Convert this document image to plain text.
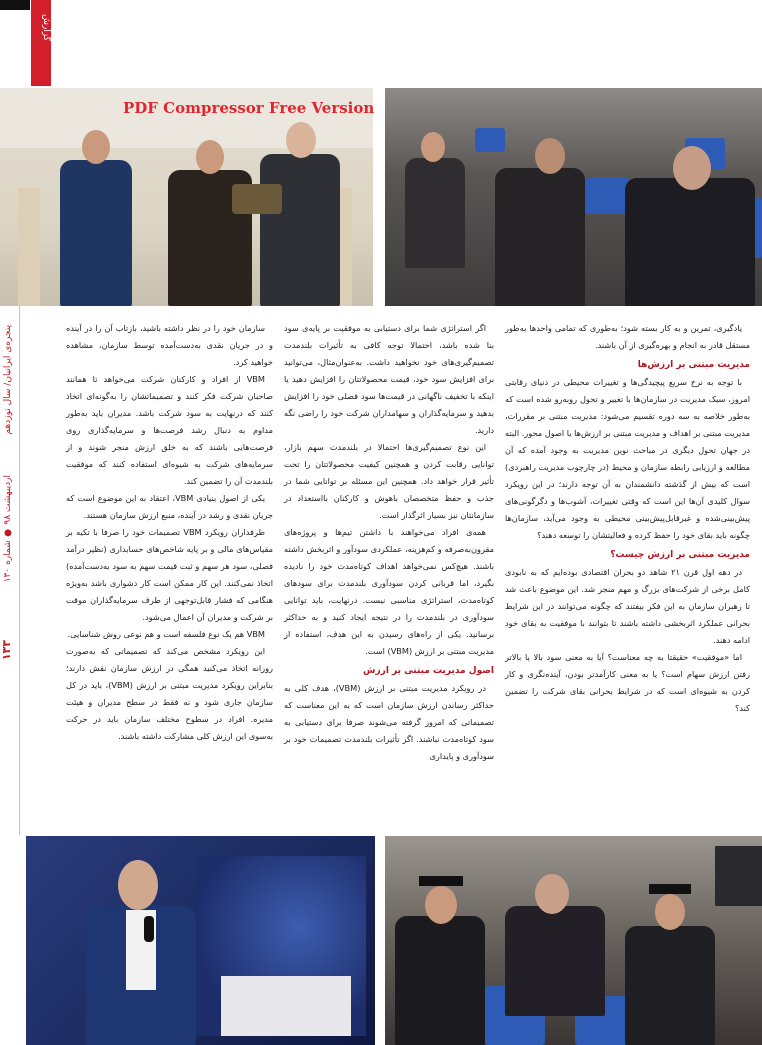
گزارش
PDF Compressor Free Version
پنجره‌ی ایرانیان/ سال نوزدهم
اردیبهشت ۹۸ ● شماره ۱۳۰
۱۳۳

یادگیری، تمرین و به کار بسته شود؛ به‌طوری که تمامی واحدها به‌طور مستقل قادر به انجام و بهره‌گیری از آن باشند.

مدیریت مبتنی بر ارزش‌ها

با توجه به نرخ سریع پیچیدگی‌ها و تغییرات محیطی در دنیای رقابتی امروز، سبک مدیریت در سازمان‌ها با تغییر و تحول روبه‌رو شده است که به‌طور خلاصه به سه دوره تقسیم می‌شود: مدیریت مبتنی بر مقررات، مدیریت مبتنی بر اهداف و مدیریت مبتنی بر ارزش‌ها یا اصول محور. البته در جهان تحول دیگری در مباحث نوین مدیریت به وجود آمده که آن مطالعه و ارزیابی رابطه سازمان و محیط (در چارچوب مدیریت راهبردی) است که بیش از گذشته دانشمندان به آن توجه دارند؛ در این رویکرد سوال کلیدی آن‌ها این است که وقتی تغییرات، آشوب‌ها و دگرگونی‌های پیش‌بینی‌شده و غیرقابل‌پیش‌بینی محیطی به وجود می‌آید، سازمان‌ها چگونه باید بقای خود را حفظ کرده و فعالیتشان را توسعه دهند؟

مدیریت مبتنی بر ارزش چیست؟

در دهه اول قرن ۲۱ شاهد دو بحران اقتصادی بوده‌ایم که به نابودی کامل برخی از شرکت‌های بزرگ و مهم منجر شد. این موضوع باعث شد تا رهبران سازمان به این فکر بیفتند که چگونه می‌توانند در این شرایط بحرانی عملکرد اثربخشی داشته باشند تا بتوانند با موفقیت به بقای خود ادامه دهند.

اما «موفقیت» حقیقتا به چه معناست؟ آیا به معنی سود بالا یا بالاتر رفتن ارزش سهام است؟ یا به معنی کارآمدتر بودن، آینده‌نگری و کار کردن به شیوه‌ای است که در شرایط بحرانی بقای شرکت را تضمین کند؟

اگر استراتژی شما برای دستیابی به موفقیت بر پایه‌ی سود بنا شده باشد، احتمالا توجه کافی به تأثیرات بلندمدت تصمیم‌گیری‌های خود نخواهید داشت. به‌عنوان‌مثال، می‌توانید برای افزایش سود خود، قیمت محصولاتتان را افزایش دهید یا اینکه با تخفیف ناگهانی در قیمت‌ها سود فصلی خود را افزایش بدهید و سرمایه‌گذاران و سهامداران شرکت خود را راضی نگه دارید.

این نوع تصمیم‌گیری‌ها احتمالا در بلندمدت سهم بازار، توانایی رقابت کردن و همچنین کیفیت محصولاتتان را تحت تأثیر قرار خواهد داد. همچنین این مسئله بر توانایی شما در جذب و حفظ متخصصان باهوش و کارکنان بااستعداد در سازمانتان نیز بسیار اثرگذار است.

همه‌ی افراد می‌خواهند با داشتن تیم‌ها و پروژه‌های مقرون‌به‌صرفه و کم‌هزینه، عملکردی سودآور و اثربخش داشته باشند. هیچ‌کس نمی‌خواهد اهداف کوتاه‌مدت خود را نادیده بگیرد، اما قربانی کردن سودآوری بلندمدت برای سودهای کوتاه‌مدت، استراتژی مناسبی نیست. درنهایت، باید توانایی سودآوری در بلندمدت را در نتیجه ایجاد کنید و به حداکثر برسانید. یکی از راه‌های رسیدن به این هدف، استفاده از مدیریت مبتنی بر ارزش (VBM) است.

اصول مدیریت مبتنی بر ارزش

در رویکرد مدیریت مبتنی بر ارزش (VBM)، هدف کلی به حداکثر رساندن ارزش سازمان است که به این معناست که تصمیماتی که امروز گرفته می‌شوند صرفا برای دستیابی به سود کوتاه‌مدت نباشند. اگر تأثیرات بلندمدت تصمیمات خود بر سودآوری و پایداری

سازمان خود را در نظر داشته باشید، بازتاب آن را در آینده و در جریان نقدی به‌دست‌آمده توسط سازمان، مشاهده خواهید کرد.

VBM از افراد و کارکنان شرکت می‌خواهد تا همانند صاحبان شرکت فکر کنند و تصمیماتشان را به‌گونه‌ای اتخاذ کنند که درنهایت به سود شرکت باشد. مدیران باید به‌طور مداوم به دنبال رشد فرصت‌ها و سرمایه‌گذاری روی فرصت‌هایی باشند که به خلق ارزش منجر شوند و از سرمایه‌های شرکت به شیوه‌ای استفاده کنند که موفقیت بلندمدت آن را تضمین کند.

یکی از اصول بنیادی VBM، اعتقاد به این موضوع است که جریان نقدی و رشد در آینده، منبع ارزش سازمان هستند.

طرفداران رویکرد VBM تصمیمات خود را صرفا با تکیه بر مقیاس‌های مالی و بر پایه شاخص‌های حسابداری (نظیر درآمد فصلی، سود هر سهم و ثبت قیمت سهم به سود به‌دست‌آمده) اتخاذ نمی‌کنند. این کار ممکن است کار دشواری باشد به‌ویژه هنگامی که فشار قابل‌توجهی از طرف سرمایه‌گذاران موقت بر شرکت و مدیران آن اعمال می‌شود.

VBM هم یک نوع فلسفه است و هم نوعی روش شناسایی.

این رویکرد مشخص می‌کند که تصمیماتی که به‌صورت روزانه اتخاذ می‌کنید همگی در ارزش سازمان نقش دارند؛ بنابراین رویکرد مدیریت مبتنی بر ارزش (VBM)، باید در کل سازمان جاری شود و نه فقط در سطح مدیران و هیئت مدیره. افراد در سطوح مختلف سازمان باید در حرکت به‌سوی این ارزش کلی مشارکت داشته باشند.
